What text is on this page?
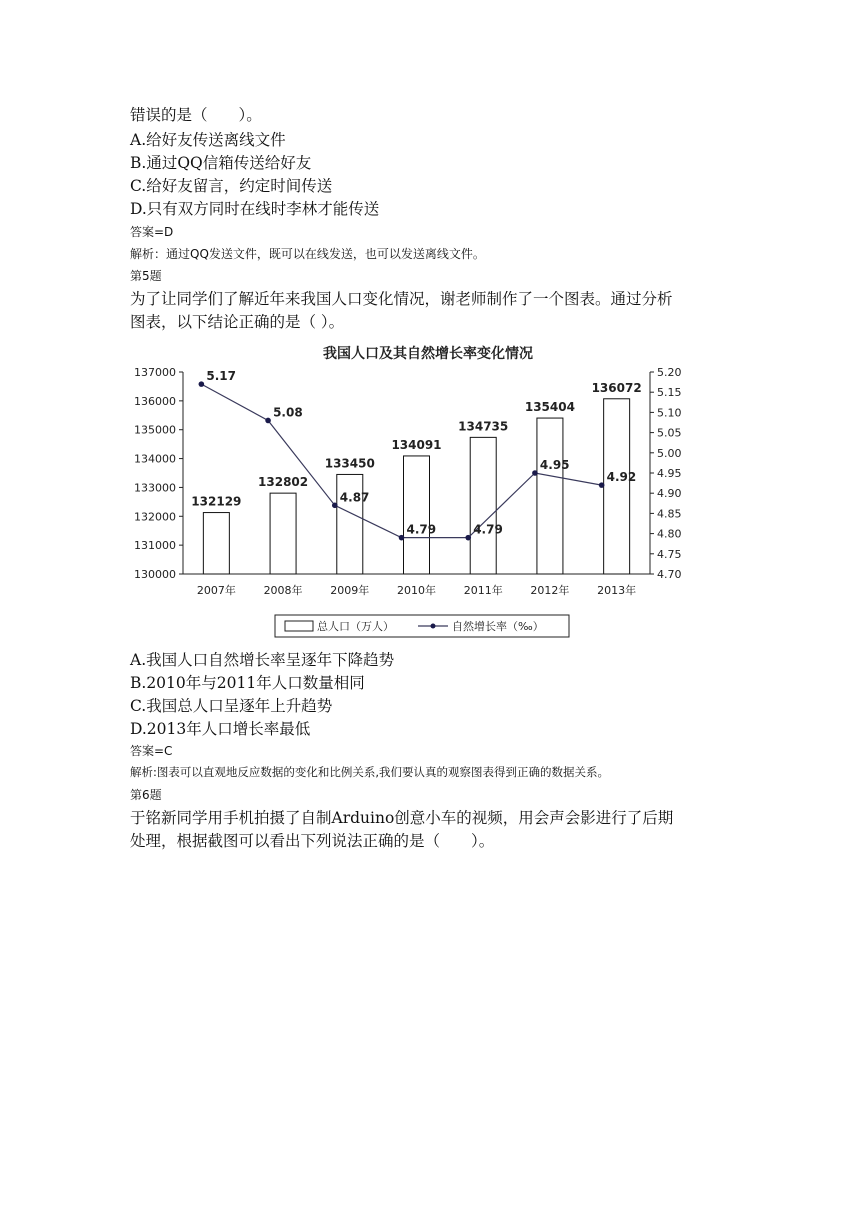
错误的是（　　）。
A.给好友传送离线文件
B.通过QQ信箱传送给好友
C.给好友留言，约定时间传送
D.只有双方同时在线时李林才能传送
答案=D
解析：通过QQ发送文件，既可以在线发送，也可以发送离线文件。
第5题
为了让同学们了解近年来我国人口变化情况，谢老师制作了一个图表。通过分析
图表，以下结论正确的是（ ）。
我国人口及其自然增长率变化情况
130000
131000
132000
133000
134000
135000
136000
137000
4.70
4.75
4.80
4.85
4.90
4.95
5.00
5.05
5.10
5.15
5.20
132129
132802
133450
134091
134735
135404
136072
5.17
5.08
4.87
4.79	4.79
4.95
4.92
2007年	2008年	2009年	2010年	2011年	2012年	2013年
总人口（万人）	自然增长率（‰）
A.我国人口自然增长率呈逐年下降趋势
B.2010年与2011年人口数量相同
C.我国总人口呈逐年上升趋势
D.2013年人口增长率最低
答案=C
解析:图表可以直观地反应数据的变化和比例关系,我们要认真的观察图表得到正确的数据关系。
第6题
于铭新同学用手机拍摄了自制Arduino创意小车的视频，用会声会影进行了后期
处理，根据截图可以看出下列说法正确的是（　　）。
